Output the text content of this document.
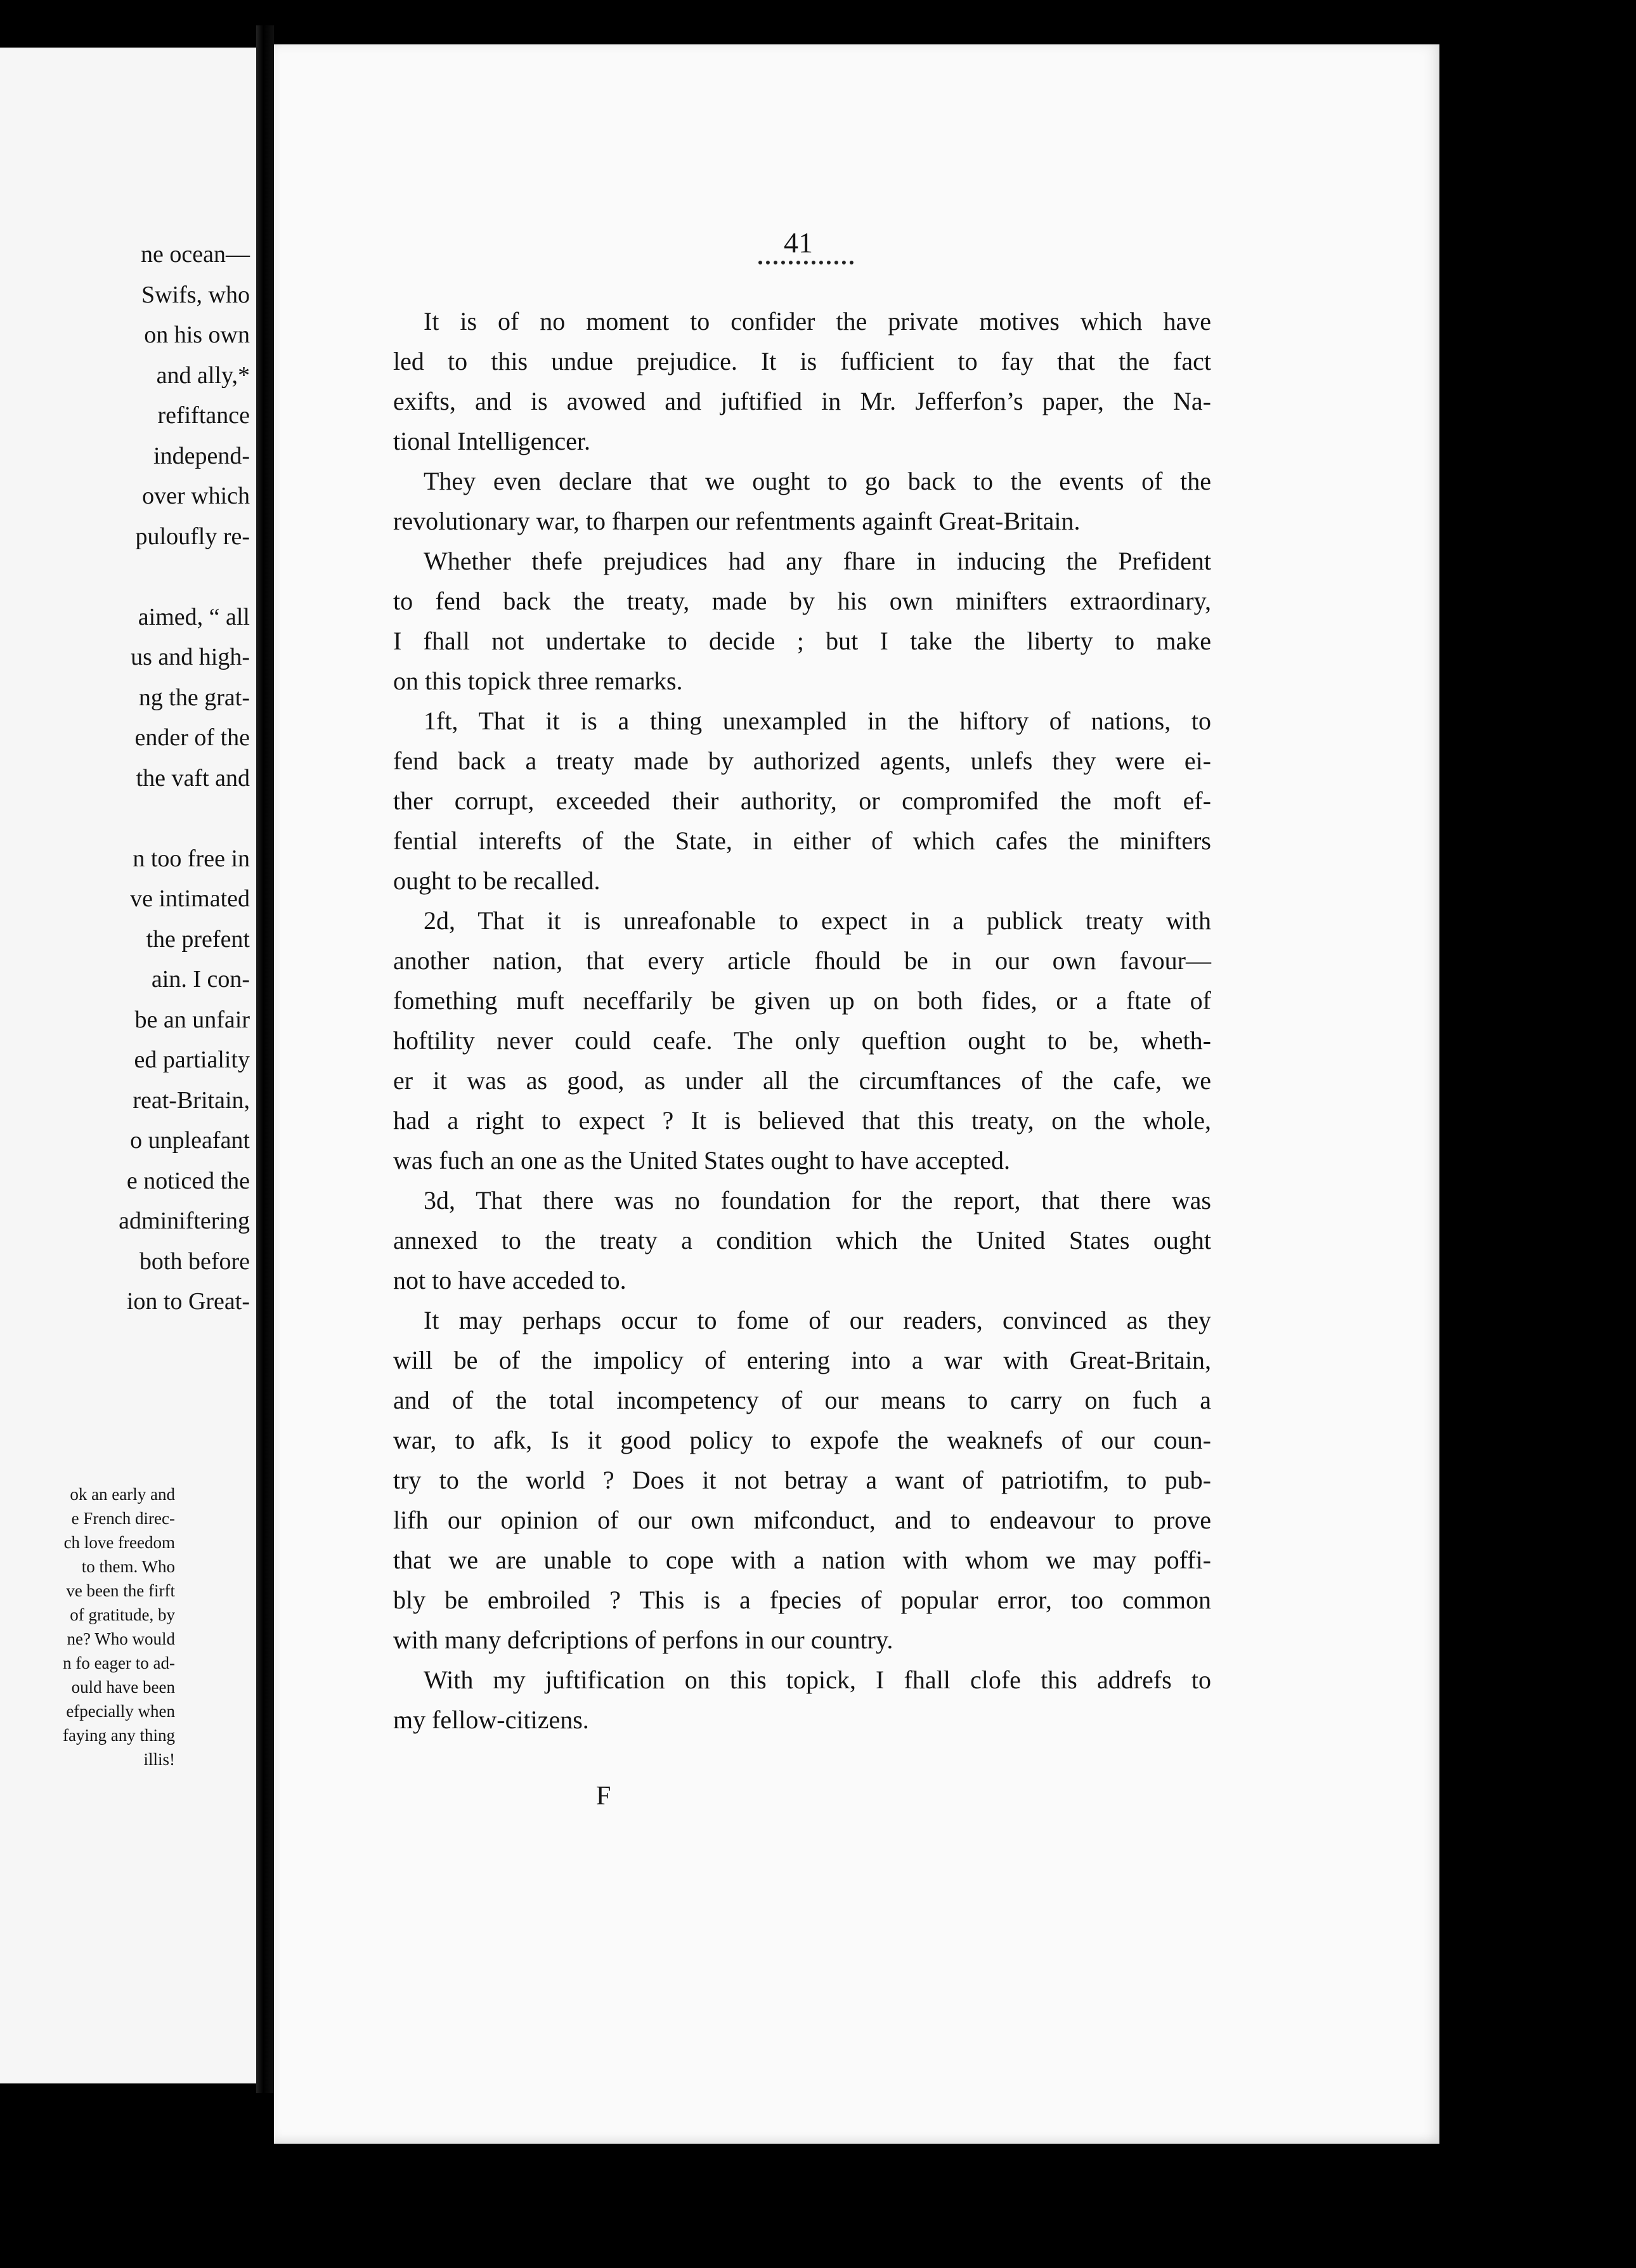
ne ocean—
Swifs, who
on his own
and ally,*
refiftance
independ-
over which
puloufly re-
aimed, “ all
us and high-
ng the grat-
ender of the
the vaft and
n too free in
ve intimated
the prefent
ain. I con-
be an unfair
ed partiality
reat-Britain,
o unpleafant
e noticed the
adminiftering
both before
ion to Great-
ok an early and
e French direc-
ch love freedom
to them. Who
ve been the firft
of gratitude, by
ne? Who would
n fo eager to ad-
ould have been
efpecially when
faying any thing
illis!
41
It is of no moment to confider the private motives which have
led to this undue prejudice. It is fufficient to fay that the fact
exifts, and is avowed and juftified in Mr. Jefferfon’s paper, the Na-
tional Intelligencer.
They even declare that we ought to go back to the events of the
revolutionary war, to fharpen our refentments againft Great-Britain.
Whether thefe prejudices had any fhare in inducing the Prefident
to fend back the treaty, made by his own minifters extraordinary,
I fhall not undertake to decide ; but I take the liberty to make
on this topick three remarks.
1ft, That it is a thing unexampled in the hiftory of nations, to
fend back a treaty made by authorized agents, unlefs they were ei-
ther corrupt, exceeded their authority, or compromifed the moft ef-
fential interefts of the State, in either of which cafes the minifters
ought to be recalled.
2d, That it is unreafonable to expect in a publick treaty with
another nation, that every article fhould be in our own favour—
fomething muft neceffarily be given up on both fides, or a ftate of
hoftility never could ceafe. The only queftion ought to be, wheth-
er it was as good, as under all the circumftances of the cafe, we
had a right to expect ? It is believed that this treaty, on the whole,
was fuch an one as the United States ought to have accepted.
3d, That there was no foundation for the report, that there was
annexed to the treaty a condition which the United States ought
not to have acceded to.
It may perhaps occur to fome of our readers, convinced as they
will be of the impolicy of entering into a war with Great-Britain,
and of the total incompetency of our means to carry on fuch a
war, to afk, Is it good policy to expofe the weaknefs of our coun-
try to the world ? Does it not betray a want of patriotifm, to pub-
lifh our opinion of our own mifconduct, and to endeavour to prove
that we are unable to cope with a nation with whom we may poffi-
bly be embroiled ? This is a fpecies of popular error, too common
with many defcriptions of perfons in our country.
With my juftification on this topick, I fhall clofe this addrefs to
my fellow-citizens.
F
